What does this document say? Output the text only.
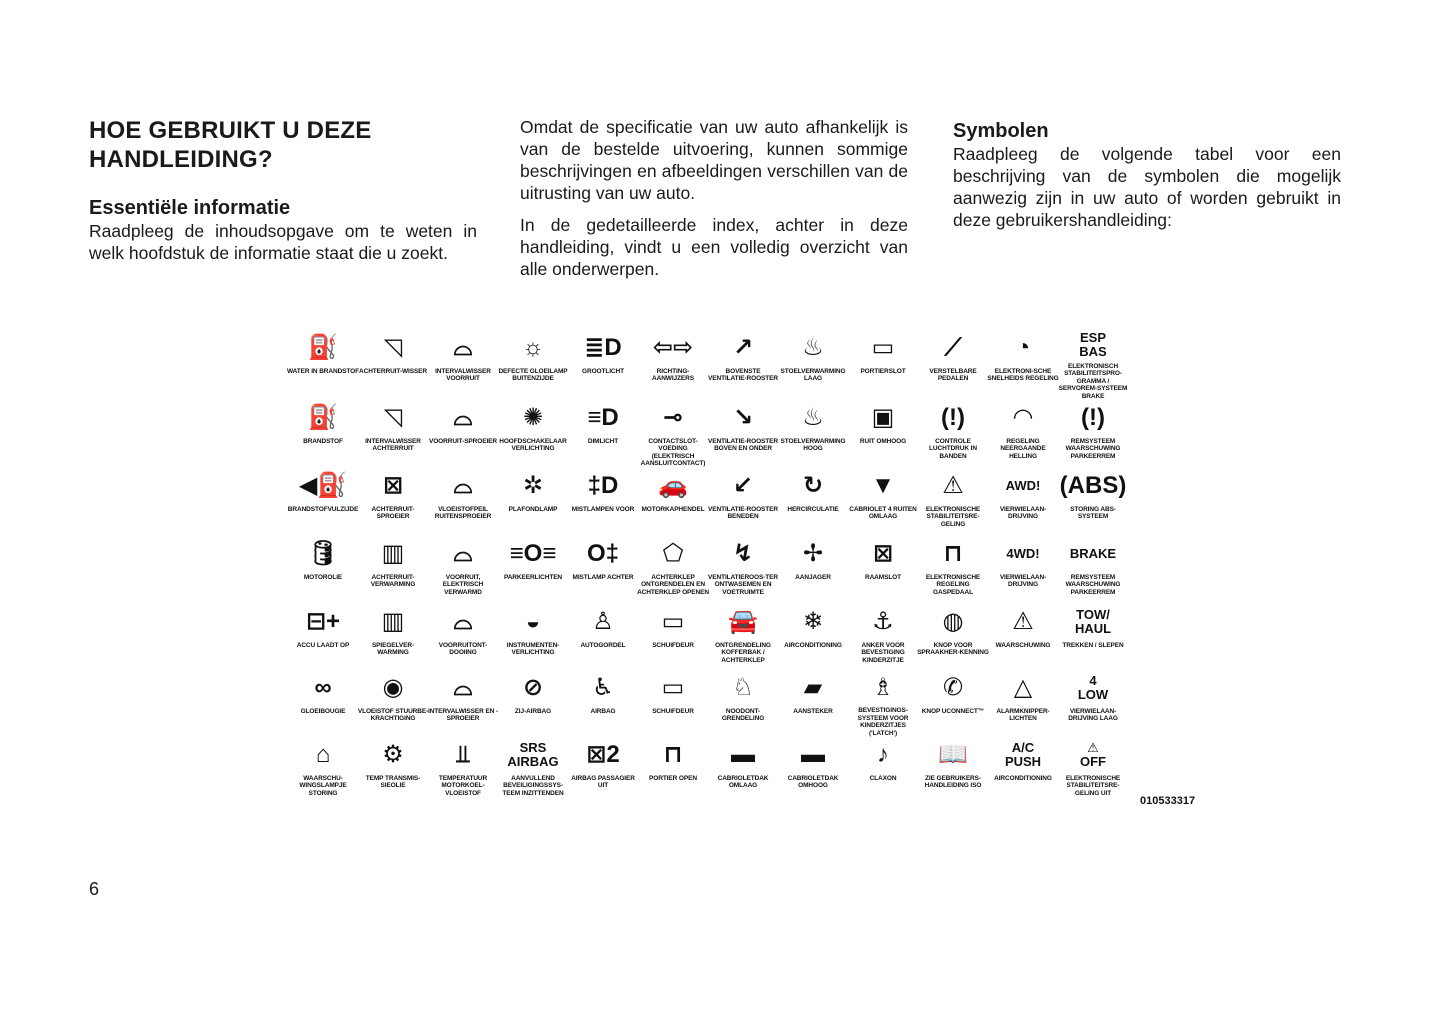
HOE GEBRUIKT U DEZE HANDLEIDING?
Essentiële informatie

Raadpleeg de inhoudsopgave om te weten in welk hoofdstuk de informatie staat die u zoekt.

Omdat de specificatie van uw auto afhankelijk is van de bestelde uitvoering, kunnen sommige beschrijvingen en afbeeldingen verschillen van de uitrusting van uw auto.

In de gedetailleerde index, achter in deze handleiding, vindt u een volledig overzicht van alle onderwerpen.

Symbolen

Raadpleeg de volgende tabel voor een beschrijving van de symbolen die mogelijk aanwezig zijn in uw auto of worden gebruikt in deze gebruikershandleiding:

⛽
WATER IN BRANDSTOF
◹
ACHTERRUIT-WISSER
⌓
INTERVALWISSER VOORRUIT
☼
DEFECTE GLOEILAMP BUITENZIJDE
≣D
GROOTLICHT
⇦⇨
RICHTING-AANWIJZERS
↗
BOVENSTE VENTILATIE-ROOSTER
♨
STOELVERWARMING LAAG
▭
PORTIERSLOT
⟋
VERSTELBARE PEDALEN
◔
ELEKTRONI-SCHE SNELHEIDS REGELING
ESP
BAS
ELEKTRONISCH STABILITEITSPRO-GRAMMA / SERVOREM-SYSTEEM BRAKE
⛽
BRANDSTOF
◹
INTERVALWISSER ACHTERRUIT
⌓
VOORRUIT-SPROEIER
✺
HOOFDSCHAKELAAR VERLICHTING
≡D
DIMLICHT
⊸
CONTACTSLOT-VOEDING (ELEKTRISCH AANSLUITCONTACT)
↘
VENTILATIE-ROOSTER BOVEN EN ONDER
♨
STOELVERWARMING HOOG
▣
RUIT OMHOOG
(!)
CONTROLE LUCHTDRUK IN BANDEN
◠
REGELING NEERGAANDE HELLING
(!)
REMSYSTEEM WAARSCHUWING PARKEERREM
◀⛽
BRANDSTOFVULZIJDE
⊠
ACHTERRUIT-SPROEIER
⌓
VLOEISTOFPEIL RUITENSPROEIER
✲
PLAFONDLAMP
‡D
MISTLAMPEN VOOR
🚗
MOTORKAPHENDEL
↙
VENTILATIE-ROOSTER BENEDEN
↻
HERCIRCULATIE
▼
CABRIOLET 4 RUITEN OMLAAG
⚠
ELEKTRONISCHE STABILITEITSRE-GELING
AWD!
VIERWIELAAN-DRIJVING
(ABS)
STORING ABS-SYSTEEM
🛢
MOTOROLIE
▥
ACHTERRUIT-VERWARMING
⌓
VOORRUIT, ELEKTRISCH VERWARMD
≡O≡
PARKEERLICHTEN
O‡
MISTLAMP ACHTER
⬠
ACHTERKLEP ONTGRENDELEN EN ACHTERKLEP OPENEN
↯
VENTILATIEROOS-TER ONTWASEMEN EN VOETRUIMTE
✢
AANJAGER
⊠
RAAMSLOT
⊓
ELEKTRONISCHE REGELING GASPEDAAL
4WD!
VIERWIELAAN-DRIJVING
BRAKE
REMSYSTEEM WAARSCHUWING PARKEERREM
⊟+
ACCU LAADT OP
▥
SPIEGELVER-WARMING
⌓
VOORRUITONT-DOOIING
◒
INSTRUMENTEN-VERLICHTING
♙
AUTOGORDEL
▭
SCHUIFDEUR
🚘
ONTGRENDELING KOFFERBAK / ACHTERKLEP
❄
AIRCONDITIONING
⚓
ANKER VOOR BEVESTIGING KINDERZITJE
◍
KNOP VOOR SPRAAKHER-KENNING
⚠
WAARSCHUWING
TOW/
HAUL
TREKKEN / SLEPEN
∞
GLOEIBOUGIE
◉
VLOEISTOF STUURBE-KRACHTIGING
⌓
INTERVALWISSER EN -SPROEIER
⊘
ZIJ-AIRBAG
♿
AIRBAG
▭
SCHUIFDEUR
♘
NOODONT-GRENDELING
▰
AANSTEKER
♗
BEVESTIGINGS-SYSTEEM VOOR KINDERZITJES ('LATCH')
✆
KNOP UCONNECT™
△
ALARMKNIPPER-LICHTEN
4
LOW
VIERWIELAAN-DRIJVING LAAG
⌂
WAARSCHU-WINGSLAMPJE STORING
⚙
TEMP TRANSMIS-SIEOLIE
⫫
TEMPERATUUR MOTORKOEL-VLOEISTOF
SRS
AIRBAG
AANVULLEND BEVEILIGINGSSYS-TEEM INZITTENDEN
⊠2
AIRBAG PASSAGIER UIT
⊓
PORTIER OPEN
▬
CABRIOLETDAK OMLAAG
▬
CABRIOLETDAK OMHOOG
♪
CLAXON
📖
ZIE GEBRUIKERS-HANDLEIDING ISO
A/C
PUSH
AIRCONDITIONING
⚠
OFF
ELEKTRONISCHE STABILITEITSRE-GELING UIT
010533317
6
